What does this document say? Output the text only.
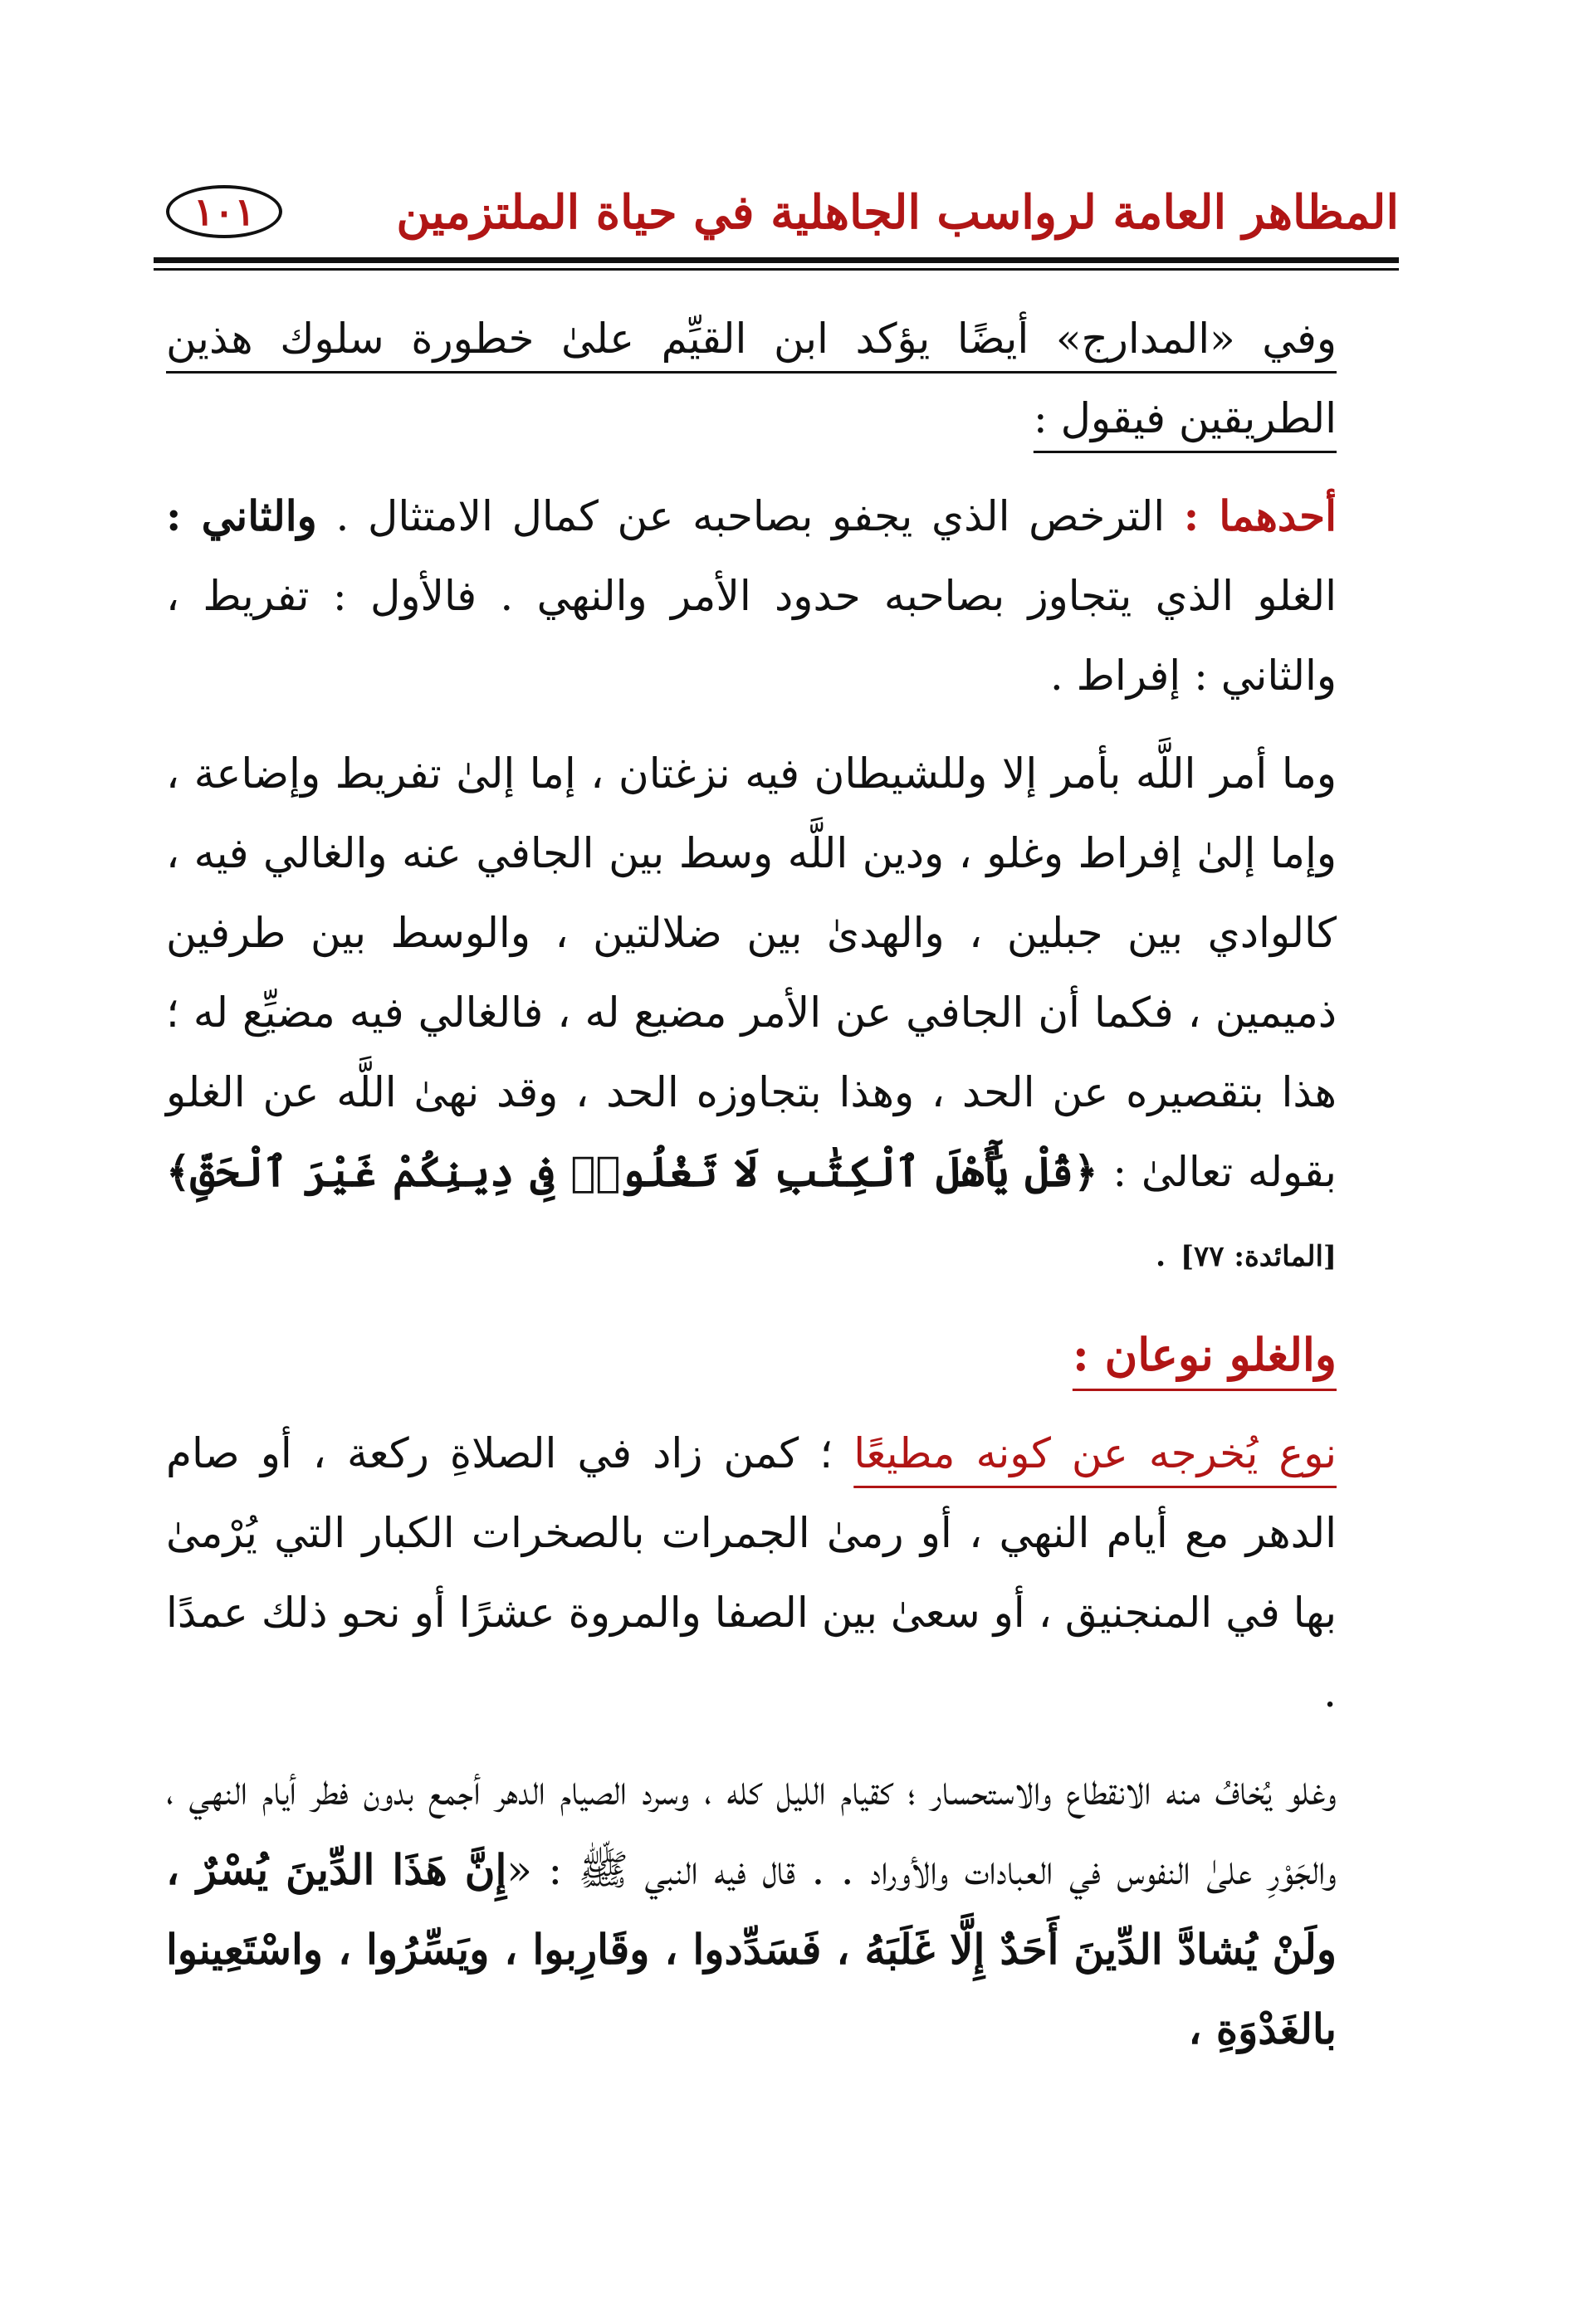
المظاهر العامة لرواسب الجاهلية في حياة الملتزمين
١٠١

وفي «المدارج» أيضًا يؤكد ابن القيِّم علىٰ خطورة سلوك هذين الطريقين فيقول :

أحدهما : الترخص الذي يجفو بصاحبه عن كمال الامتثال . والثاني : الغلو الذي يتجاوز بصاحبه حدود الأمر والنهي . فالأول : تفريط ، والثاني : إفراط .

وما أمر اللَّه بأمر إلا وللشيطان فيه نزغتان ، إما إلىٰ تفريط وإضاعة ، وإما إلىٰ إفراط وغلو ، ودين اللَّه وسط بين الجافي عنه والغالي فيه ، كالوادي بين جبلين ، والهدىٰ بين ضلالتين ، والوسط بين طرفين ذميمين ، فكما أن الجافي عن الأمر مضيع له ، فالغالي فيه مضيِّع له ؛ هذا بتقصيره عن الحد ، وهذا بتجاوزه الحد ، وقد نهىٰ اللَّه عن الغلو بقوله تعالىٰ : ﴿قُلْ يَٰٓأَهْلَ ٱلْكِتَٰبِ لَا تَغْلُوا۟ فِى دِينِكُمْ غَيْرَ ٱلْحَقِّ﴾ [المائدة: ٧٧] .

والغلو نوعان :

نوع يُخرجه عن كونه مطيعًا ؛ كمن زاد في الصلاةِ ركعة ، أو صام الدهر مع أيام النهي ، أو رمىٰ الجمرات بالصخرات الكبار التي يُرْمىٰ بها في المنجنيق ، أو سعىٰ بين الصفا والمروة عشرًا أو نحو ذلك عمدًا .

وغلو يُخافُ منه الانقطاع والاستحسار ؛ كقيام الليل كله ، وسرد الصيام الدهر أجمع بدون فطر أيام النهي ، والجَوْرِ علىٰ النفوس في العبادات والأوراد . . قال فيه النبي ﷺ : «إِنَّ هَذَا الدِّينَ يُسْرٌ ، ولَنْ يُشادَّ الدِّينَ أَحَدٌ إِلَّا غَلَبَهُ ، فَسَدِّدوا ، وقَارِبوا ، ويَسِّرُوا ، واسْتَعِينوا بالغَدْوَةِ ،
